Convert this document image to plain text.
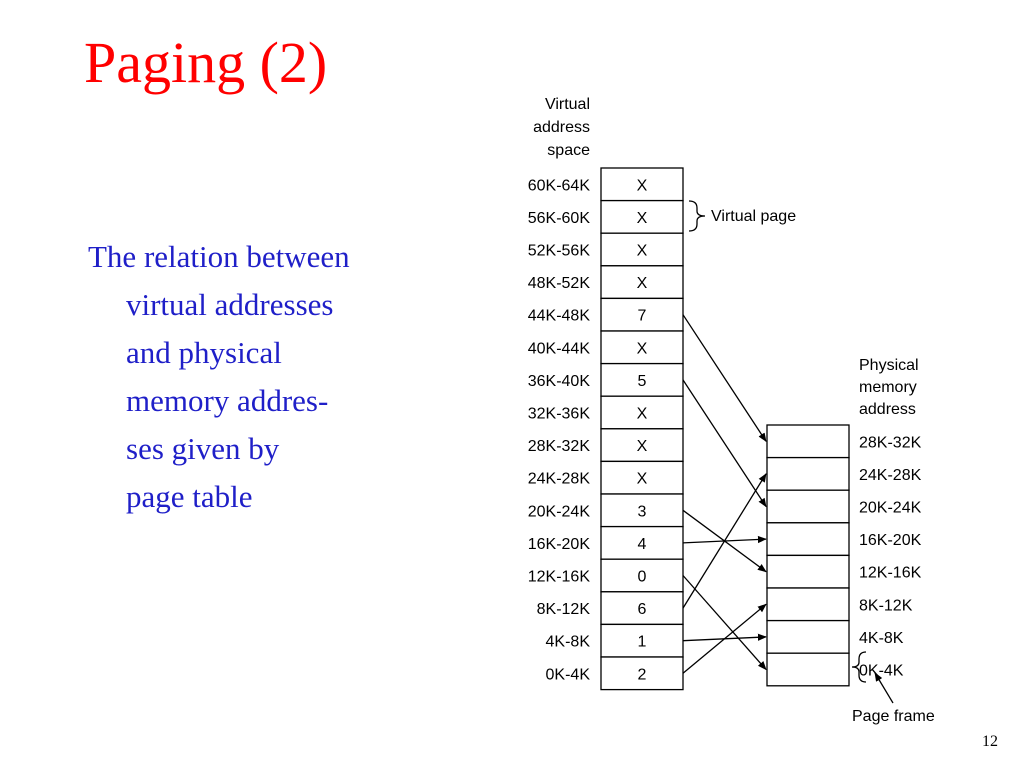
Paging (2)
The relation between
virtual addresses
and physical
memory addres-
ses given by
page table
Virtual
address
space
X
X
X
X
7
X
5
X
X
X
3
4
0
6
1
2
60K-64K
56K-60K
52K-56K
48K-52K
44K-48K
40K-44K
36K-40K
32K-36K
28K-32K
24K-28K
20K-24K
16K-20K
12K-16K
8K-12K
4K-8K
0K-4K
Physical
memory
address
28K-32K
24K-28K
20K-24K
16K-20K
12K-16K
8K-12K
4K-8K
0K-4K
Virtual page
Page frame
12
